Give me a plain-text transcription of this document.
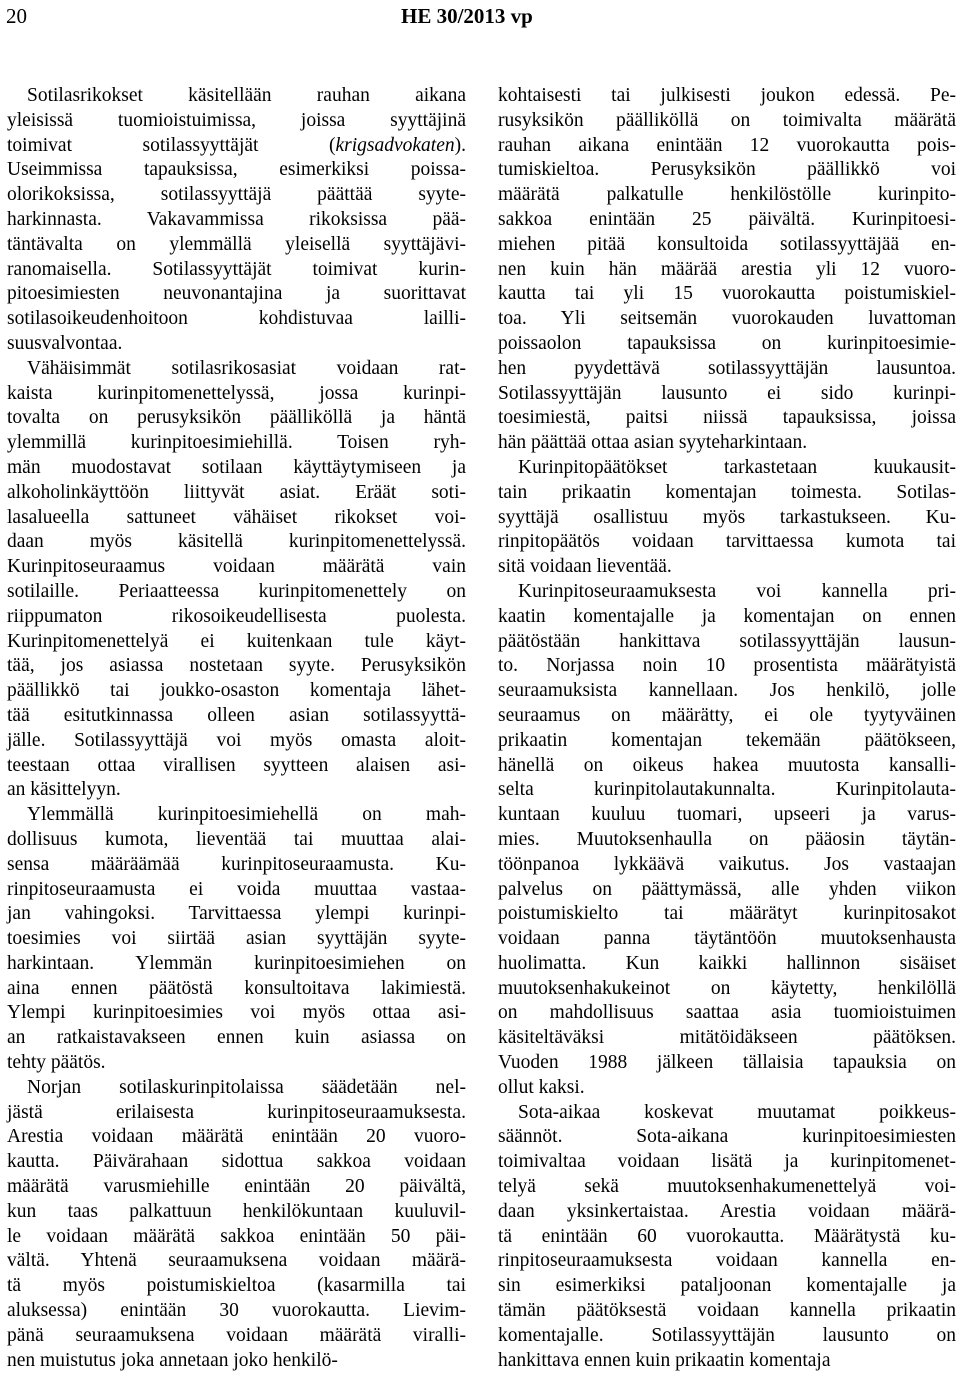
20	HE 30/2013 vp

Sotilasrikokset käsitellään rauhan aikana
yleisissä tuomioistuimissa, joissa syyttäjinä
toimivat sotilassyyttäjät (krigsadvokaten).
Useimmissa tapauksissa, esimerkiksi poissa-
olorikoksissa, sotilassyyttäjä päättää syyte-
harkinnasta. Vakavammissa rikoksissa pää-
täntävalta on ylemmällä yleisellä syyttäjävi-
ranomaisella. Sotilassyyttäjät toimivat kurin-
pitoesimiesten neuvonantajina ja suorittavat
sotilasoikeudenhoitoon kohdistuvaa lailli-
suusvalvontaa.

Vähäisimmät sotilasrikosasiat voidaan rat-
kaista kurinpitomenettelyssä, jossa kurinpi-
tovalta on perusyksikön päälliköllä ja häntä
ylemmillä kurinpitoesimiehillä. Toisen ryh-
män muodostavat sotilaan käyttäytymiseen ja
alkoholinkäyttöön liittyvät asiat. Eräät soti-
lasalueella sattuneet vähäiset rikokset voi-
daan myös käsitellä kurinpitomenettelyssä.
Kurinpitoseuraamus voidaan määrätä vain
sotilaille. Periaatteessa kurinpitomenettely on
riippumaton rikosoikeudellisesta puolesta.
Kurinpitomenettelyä ei kuitenkaan tule käyt-
tää, jos asiassa nostetaan syyte. Perusyksikön
päällikkö tai joukko-osaston komentaja lähet-
tää esitutkinnassa olleen asian sotilassyyttä-
jälle. Sotilassyyttäjä voi myös omasta aloit-
teestaan ottaa virallisen syytteen alaisen asi-
an käsittelyyn.

Ylemmällä kurinpitoesimiehellä on mah-
dollisuus kumota, lieventää tai muuttaa alai-
sensa määräämää kurinpitoseuraamusta. Ku-
rinpitoseuraamusta ei voida muuttaa vastaa-
jan vahingoksi. Tarvittaessa ylempi kurinpi-
toesimies voi siirtää asian syyttäjän syyte-
harkintaan. Ylemmän kurinpitoesimiehen on
aina ennen päätöstä konsultoitava lakimiestä.
Ylempi kurinpitoesimies voi myös ottaa asi-
an ratkaistavakseen ennen kuin asiassa on
tehty päätös.

Norjan sotilaskurinpitolaissa säädetään nel-
jästä erilaisesta kurinpitoseuraamuksesta.
Arestia voidaan määrätä enintään 20 vuoro-
kautta. Päivärahaan sidottua sakkoa voidaan
määrätä varusmiehille enintään 20 päivältä,
kun taas palkattuun henkilökuntaan kuuluvil-
le voidaan määrätä sakkoa enintään 50 päi-
vältä. Yhtenä seuraamuksena voidaan määrä-
tä myös poistumiskieltoa (kasarmilla tai
aluksessa) enintään 30 vuorokautta. Lievim-
pänä seuraamuksena voidaan määrätä viralli-
nen muistutus joka annetaan joko henkilö-

kohtaisesti tai julkisesti joukon edessä. Pe-
rusyksikön päälliköllä on toimivalta määrätä
rauhan aikana enintään 12 vuorokautta pois-
tumiskieltoa. Perusyksikön päällikkö voi
määrätä palkatulle henkilöstölle kurinpito-
sakkoa enintään 25 päivältä. Kurinpitoesi-
miehen pitää konsultoida sotilassyyttäjää en-
nen kuin hän määrää arestia yli 12 vuoro-
kautta tai yli 15 vuorokautta poistumiskiel-
toa. Yli seitsemän vuorokauden luvattoman
poissaolon tapauksissa on kurinpitoesimie-
hen pyydettävä sotilassyyttäjän lausuntoa.
Sotilassyyttäjän lausunto ei sido kurinpi-
toesimiestä, paitsi niissä tapauksissa, joissa
hän päättää ottaa asian syyteharkintaan.

Kurinpitopäätökset tarkastetaan kuukausit-
tain prikaatin komentajan toimesta. Sotilas-
syyttäjä osallistuu myös tarkastukseen. Ku-
rinpitopäätös voidaan tarvittaessa kumota tai
sitä voidaan lieventää.

Kurinpitoseuraamuksesta voi kannella pri-
kaatin komentajalle ja komentajan on ennen
päätöstään hankittava sotilassyyttäjän lausun-
to. Norjassa noin 10 prosentista määrätyistä
seuraamuksista kannellaan. Jos henkilö, jolle
seuraamus on määrätty, ei ole tyytyväinen
prikaatin komentajan tekemään päätökseen,
hänellä on oikeus hakea muutosta kansalli-
selta kurinpitolautakunnalta. Kurinpitolauta-
kuntaan kuuluu tuomari, upseeri ja varus-
mies. Muutoksenhaulla on pääosin täytän-
töönpanoa lykkäävä vaikutus. Jos vastaajan
palvelus on päättymässä, alle yhden viikon
poistumiskielto tai määrätyt kurinpitosakot
voidaan panna täytäntöön muutoksenhausta
huolimatta. Kun kaikki hallinnon sisäiset
muutoksenhakukeinot on käytetty, henkilöllä
on mahdollisuus saattaa asia tuomioistuimen
käsiteltäväksi mitätöidäkseen päätöksen.
Vuoden 1988 jälkeen tällaisia tapauksia on
ollut kaksi.

Sota-aikaa koskevat muutamat poikkeus-
säännöt. Sota-aikana kurinpitoesimiesten
toimivaltaa voidaan lisätä ja kurinpitomenet-
telyä sekä muutoksenhakumenettelyä voi-
daan yksinkertaistaa. Arestia voidaan määrä-
tä enintään 60 vuorokautta. Määrätystä ku-
rinpitoseuraamuksesta voidaan kannella en-
sin esimerkiksi pataljoonan komentajalle ja
tämän päätöksestä voidaan kannella prikaatin
komentajalle. Sotilassyyttäjän lausunto on
hankittava ennen kuin prikaatin komentaja
